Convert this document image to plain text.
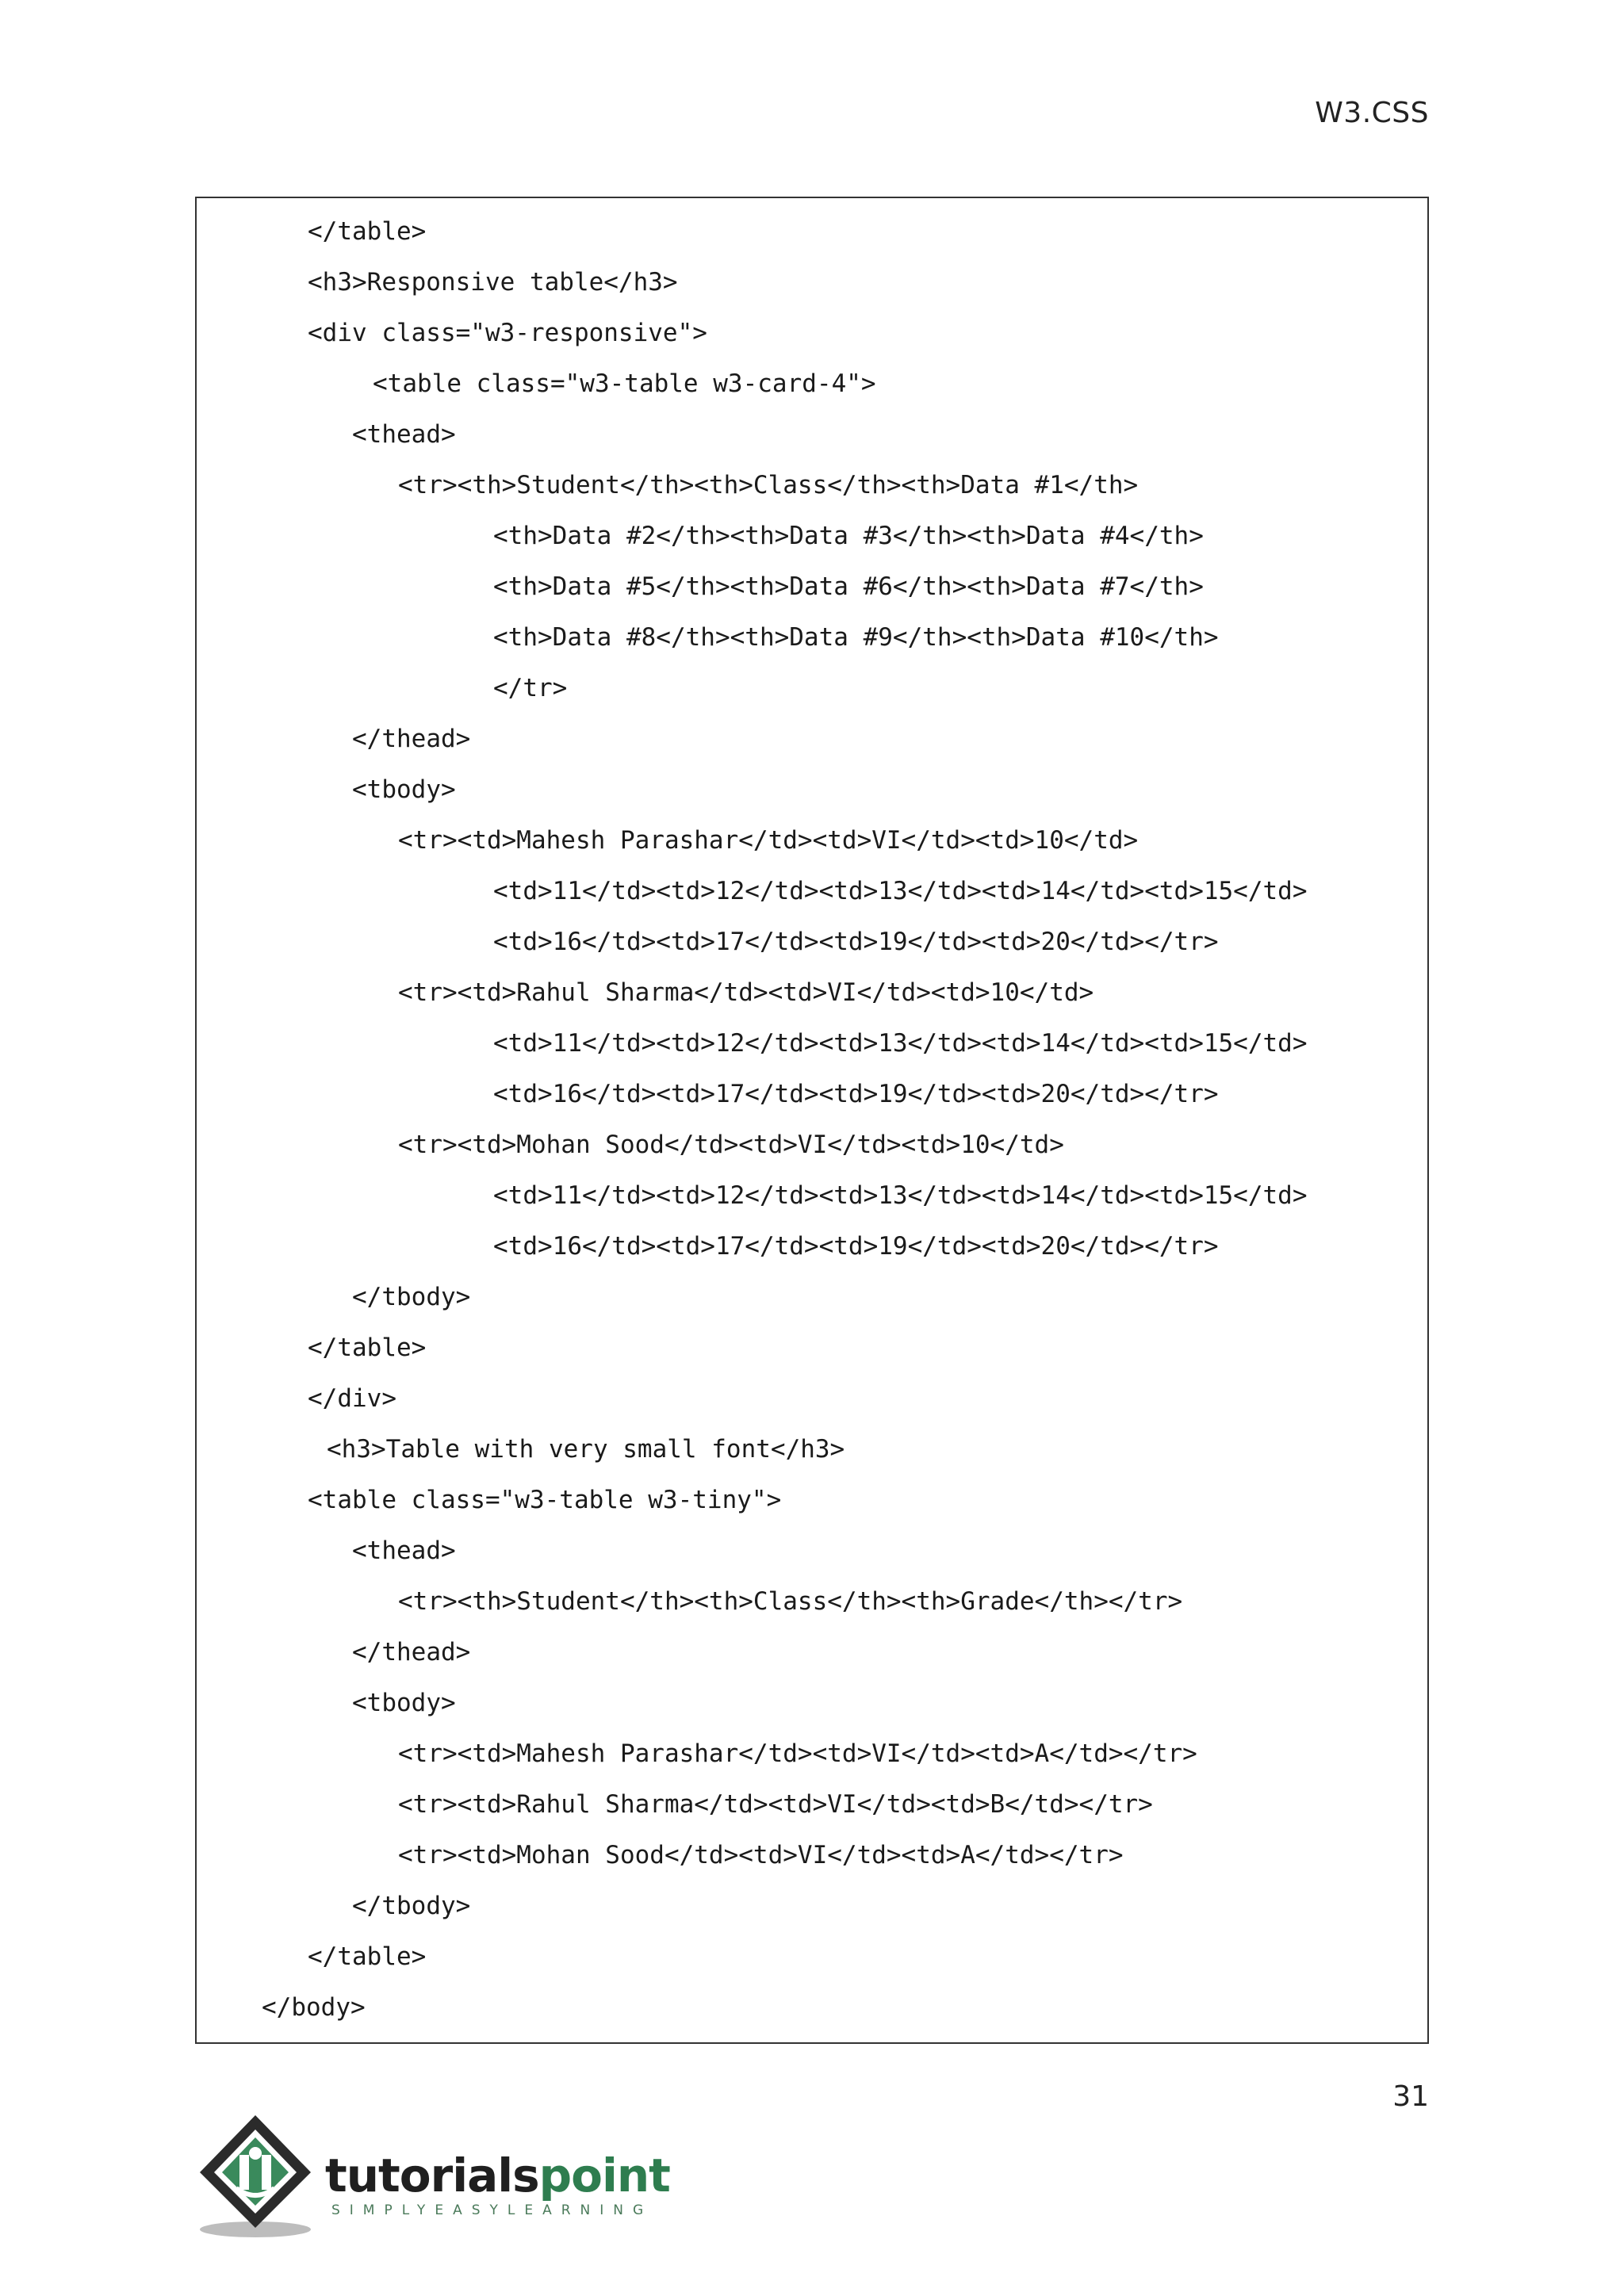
W3.CSS
</table>
<h3>Responsive table</h3>
<div class="w3-responsive">
<table class="w3-table w3-card-4">
<thead>
<tr><th>Student</th><th>Class</th><th>Data #1</th>
<th>Data #2</th><th>Data #3</th><th>Data #4</th>
<th>Data #5</th><th>Data #6</th><th>Data #7</th>
<th>Data #8</th><th>Data #9</th><th>Data #10</th>
</tr>
</thead>
<tbody>
<tr><td>Mahesh Parashar</td><td>VI</td><td>10</td>
<td>11</td><td>12</td><td>13</td><td>14</td><td>15</td>
<td>16</td><td>17</td><td>19</td><td>20</td></tr>
<tr><td>Rahul Sharma</td><td>VI</td><td>10</td>
<td>11</td><td>12</td><td>13</td><td>14</td><td>15</td>
<td>16</td><td>17</td><td>19</td><td>20</td></tr>
<tr><td>Mohan Sood</td><td>VI</td><td>10</td>
<td>11</td><td>12</td><td>13</td><td>14</td><td>15</td>
<td>16</td><td>17</td><td>19</td><td>20</td></tr>
</tbody>
</table>
</div>
<h3>Table with very small font</h3>
<table class="w3-table w3-tiny">
<thead>
<tr><th>Student</th><th>Class</th><th>Grade</th></tr>
</thead>
<tbody>
<tr><td>Mahesh Parashar</td><td>VI</td><td>A</td></tr>
<tr><td>Rahul Sharma</td><td>VI</td><td>B</td></tr>
<tr><td>Mohan Sood</td><td>VI</td><td>A</td></tr>
</tbody>
</table>
</body>
31
tutorialspoint
SIMPLYEASYLEARNING
